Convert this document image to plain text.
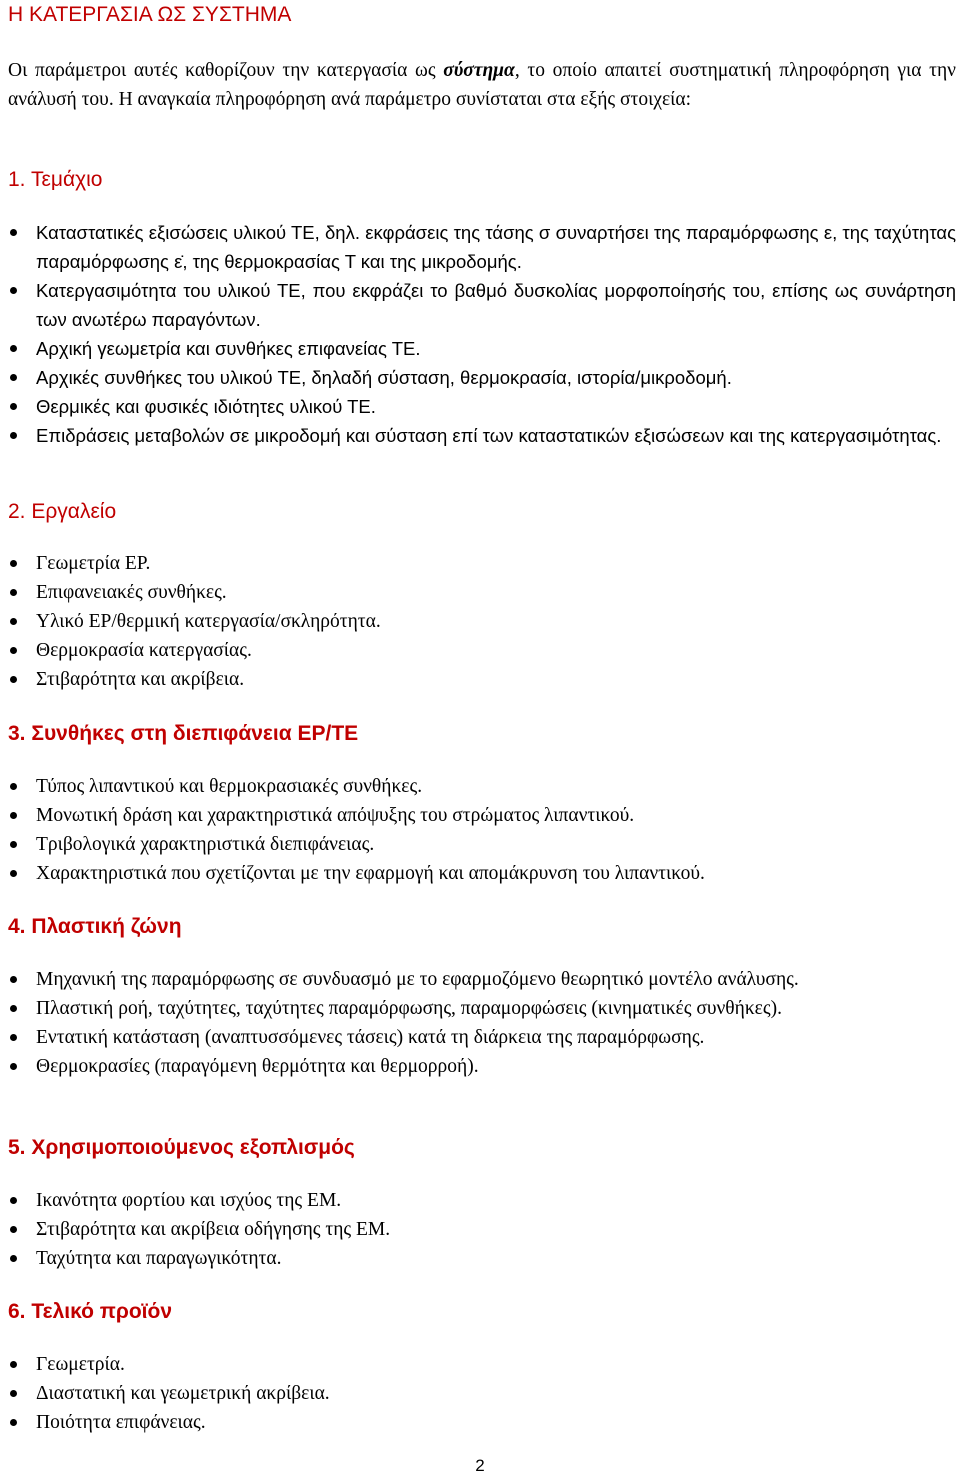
Η ΚΑΤΕΡΓΑΣΙΑ ΩΣ ΣΥΣΤΗΜΑ

Οι παράμετροι αυτές καθορίζουν την κατεργασία ως σύστημα, το οποίο απαιτεί συστηματική πληροφόρηση για την ανάλυσή του. Η αναγκαία πληροφόρηση ανά παράμετρο συνίσταται στα εξής στοιχεία:

1. Τεμάχιο
Καταστατικές εξισώσεις υλικού ΤΕ, δηλ. εκφράσεις της τάσης σ συναρτήσει της παραμόρφωσης ε, της ταχύτητας παραμόρφωσης ε̇, της θερμοκρασίας Τ και της μικροδομής.
Κατεργασιμότητα του υλικού ΤΕ, που εκφράζει το βαθμό δυσκολίας μορφοποίησής του, επίσης ως συνάρτηση των ανωτέρω παραγόντων.
Αρχική γεωμετρία και συνθήκες επιφανείας ΤΕ.
Αρχικές συνθήκες του υλικού ΤΕ, δηλαδή σύσταση, θερμοκρασία, ιστορία/μικροδομή.
Θερμικές και φυσικές ιδιότητες υλικού ΤΕ.
Επιδράσεις μεταβολών σε μικροδομή και σύσταση επί των καταστατικών εξισώσεων και της κατεργασιμότητας.
2. Εργαλείο
Γεωμετρία ΕΡ.
Επιφανειακές συνθήκες.
Υλικό ΕΡ/θερμική κατεργασία/σκληρότητα.
Θερμοκρασία κατεργασίας.
Στιβαρότητα και ακρίβεια.
3. Συνθήκες στη διεπιφάνεια ΕΡ/ΤΕ
Τύπος λιπαντικού και θερμοκρασιακές συνθήκες.
Μονωτική δράση και χαρακτηριστικά απόψυξης του στρώματος λιπαντικού.
Τριβολογικά χαρακτηριστικά διεπιφάνειας.
Χαρακτηριστικά που σχετίζονται με την εφαρμογή και απομάκρυνση του λιπαντικού.
4. Πλαστική ζώνη
Μηχανική της παραμόρφωσης σε συνδυασμό με το εφαρμοζόμενο θεωρητικό μοντέλο ανάλυσης.
Πλαστική ροή, ταχύτητες, ταχύτητες παραμόρφωσης, παραμορφώσεις (κινηματικές συνθήκες).
Εντατική κατάσταση (αναπτυσσόμενες τάσεις) κατά τη διάρκεια της παραμόρφωσης.
Θερμοκρασίες (παραγόμενη θερμότητα και θερμορροή).
5. Χρησιμοποιούμενος εξοπλισμός
Ικανότητα φορτίου και ισχύος της ΕΜ.
Στιβαρότητα και ακρίβεια οδήγησης της ΕΜ.
Ταχύτητα και παραγωγικότητα.
6. Τελικό προϊόν
Γεωμετρία.
Διαστατική και γεωμετρική ακρίβεια.
Ποιότητα επιφάνειας.
2
